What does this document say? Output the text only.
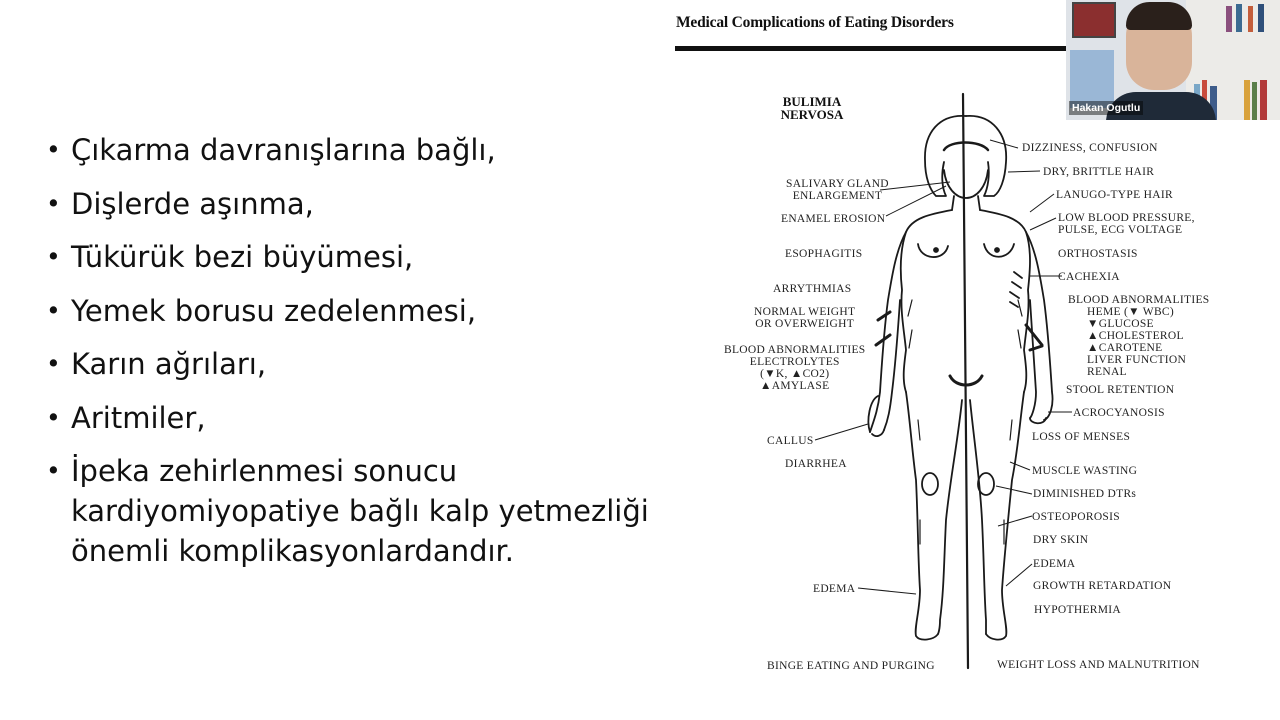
• Çıkarma davranışlarına bağlı,
• Dişlerde aşınma,
• Tükürük bezi büyümesi,
• Yemek borusu zedelenmesi,
• Karın ağrıları,
• Aritmiler,
• İpeka zehirlenmesi sonucu kardiyomiyopatiye bağlı kalp yetmezliği önemli komplikasyonlardandır.
Medical Complications of Eating Disorders
BULIMIA NERVOSA
SALIVARY GLAND
ENLARGEMENT
ENAMEL EROSION
ESOPHAGITIS
ARRYTHMIAS
NORMAL WEIGHT
OR OVERWEIGHT
BLOOD ABNORMALITIES
ELECTROLYTES
(▼K, ▲CO2)
▲AMYLASE
CALLUS
DIARRHEA
EDEMA
BINGE EATING AND PURGING
DIZZINESS, CONFUSION
DRY, BRITTLE HAIR
LANUGO-TYPE HAIR
LOW BLOOD PRESSURE,
PULSE, ECG VOLTAGE
ORTHOSTASIS
CACHEXIA
BLOOD ABNORMALITIES
HEME (▼ WBC)
▼GLUCOSE
▲CHOLESTEROL
▲CAROTENE
LIVER FUNCTION
RENAL
STOOL RETENTION
ACROCYANOSIS
LOSS OF MENSES
MUSCLE WASTING
DIMINISHED DTRs
OSTEOPOROSIS
DRY SKIN
EDEMA
GROWTH RETARDATION
HYPOTHERMIA
WEIGHT LOSS AND MALNUTRITION
Hakan Ogutlu
